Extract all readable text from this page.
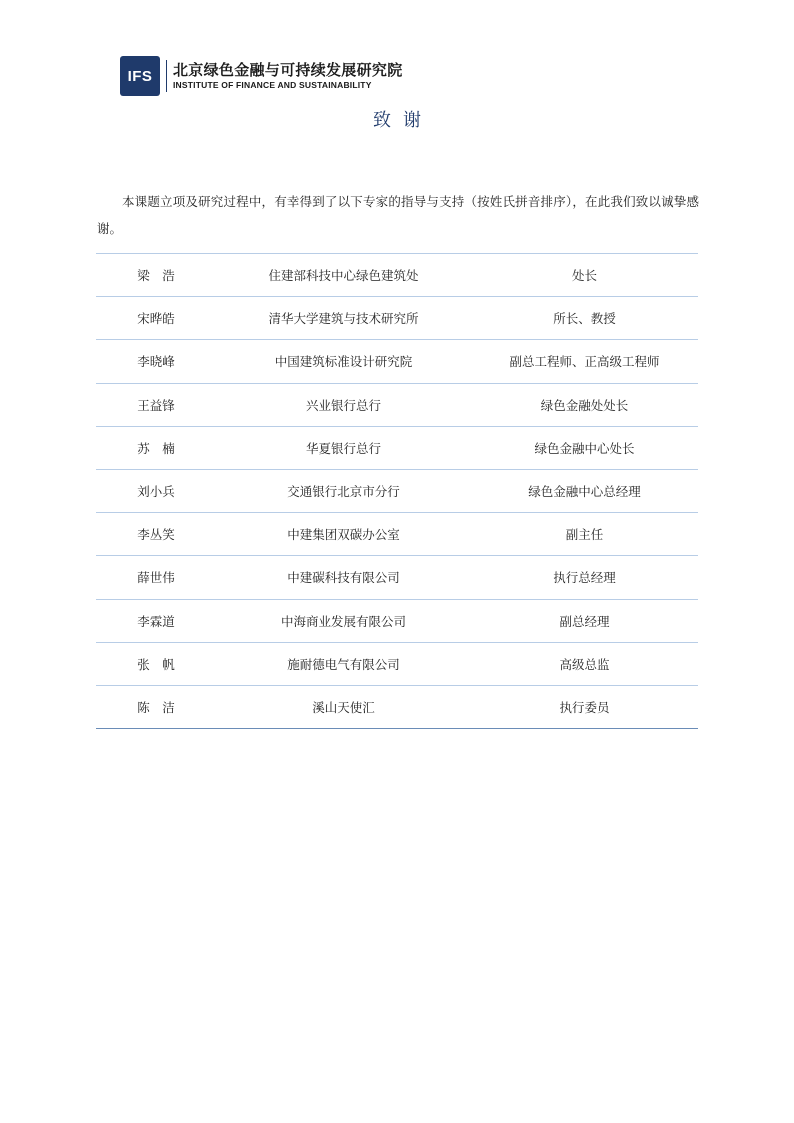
IFS 北京绿色金融与可持续发展研究院
INSTITUTE OF FINANCE AND SUSTAINABILITY
致谢

本课题立项及研究过程中，有幸得到了以下专家的指导与支持（按姓氏拼音排序），在此我们致以诚挚感谢。

梁　浩	住建部科技中心绿色建筑处	处长
宋晔皓	清华大学建筑与技术研究所	所长、教授
李晓峰	中国建筑标准设计研究院	副总工程师、正高级工程师
王益锋	兴业银行总行	绿色金融处处长
苏　楠	华夏银行总行	绿色金融中心处长
刘小兵	交通银行北京市分行	绿色金融中心总经理
李丛笑	中建集团双碳办公室	副主任
薛世伟	中建碳科技有限公司	执行总经理
李霖道	中海商业发展有限公司	副总经理
张　帆	施耐德电气有限公司	高级总监
陈　洁	溪山天使汇	执行委员
